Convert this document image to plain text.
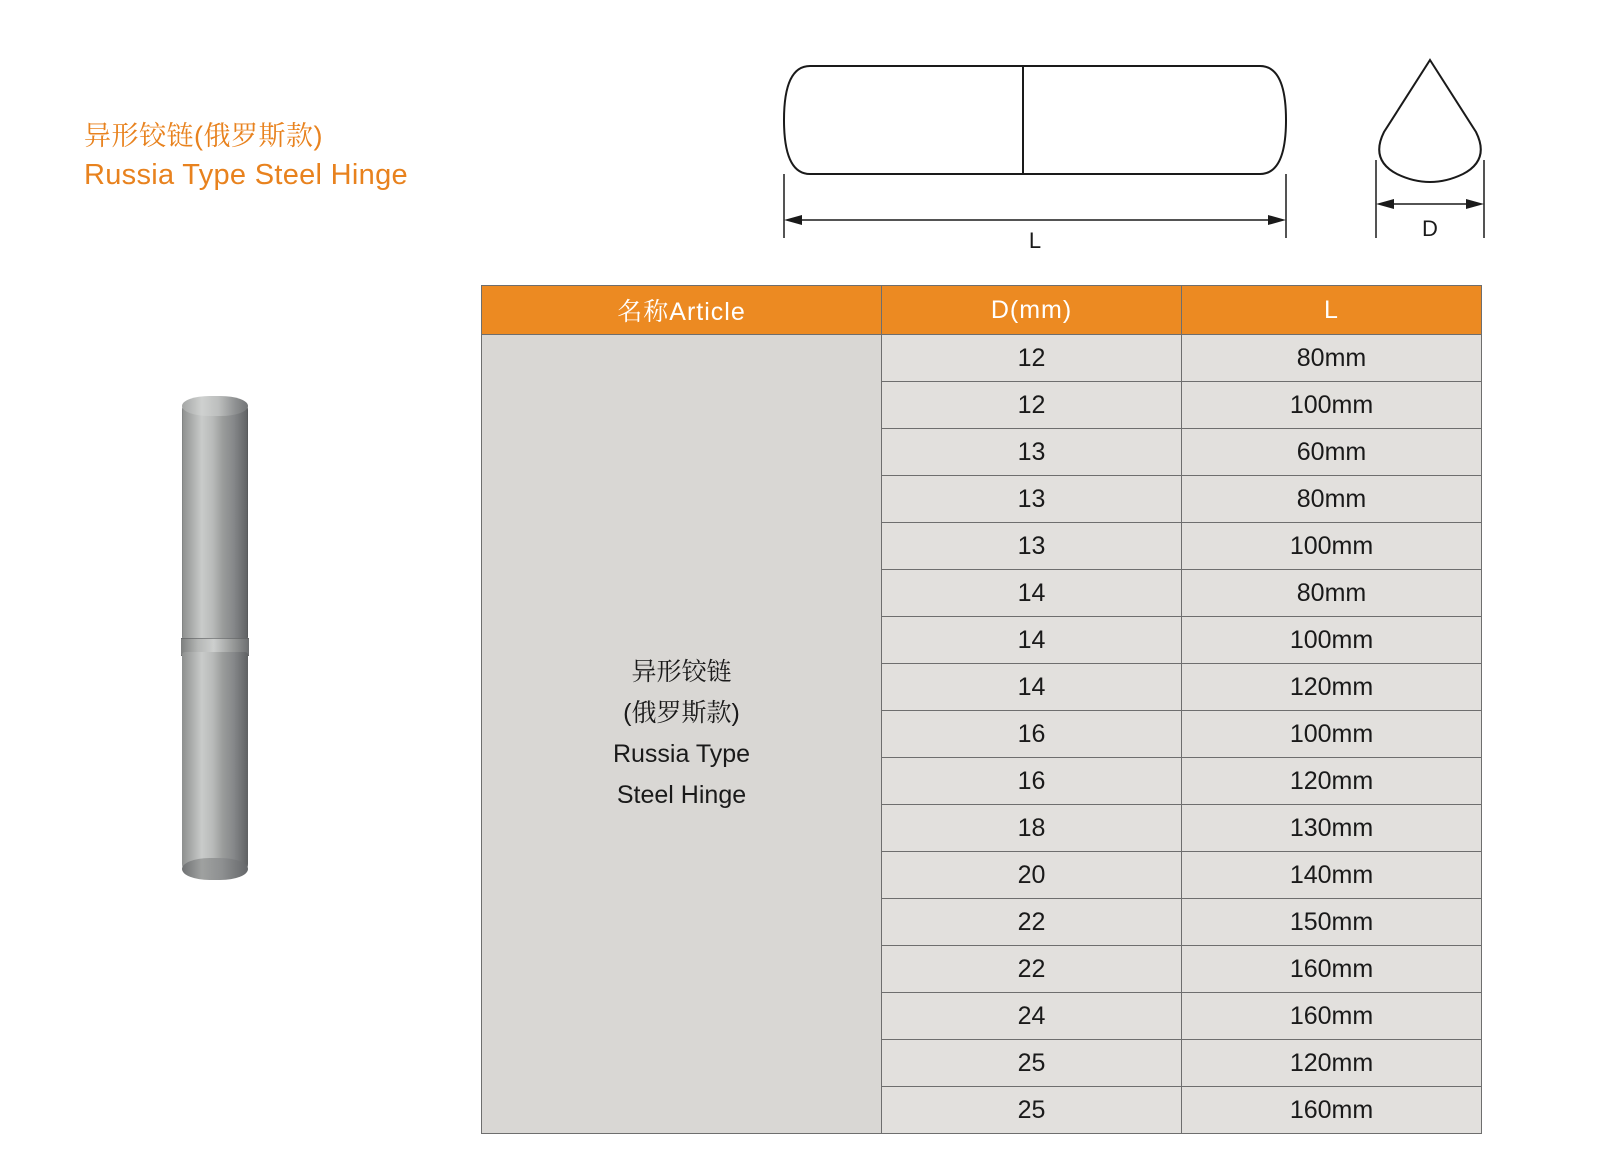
异形铰链(俄罗斯款)
Russia Type Steel Hinge
L	D
名称Article	D(mm)	L

异形铰链
(俄罗斯款)
Russia Type
Steel Hinge	12	80mm
	12	100mm
	13	60mm
	13	80mm
	13	100mm
	14	80mm
	14	100mm
	14	120mm
	16	100mm
	16	120mm
	18	130mm
	20	140mm
	22	150mm
	22	160mm
	24	160mm
	25	120mm
	25	160mm
